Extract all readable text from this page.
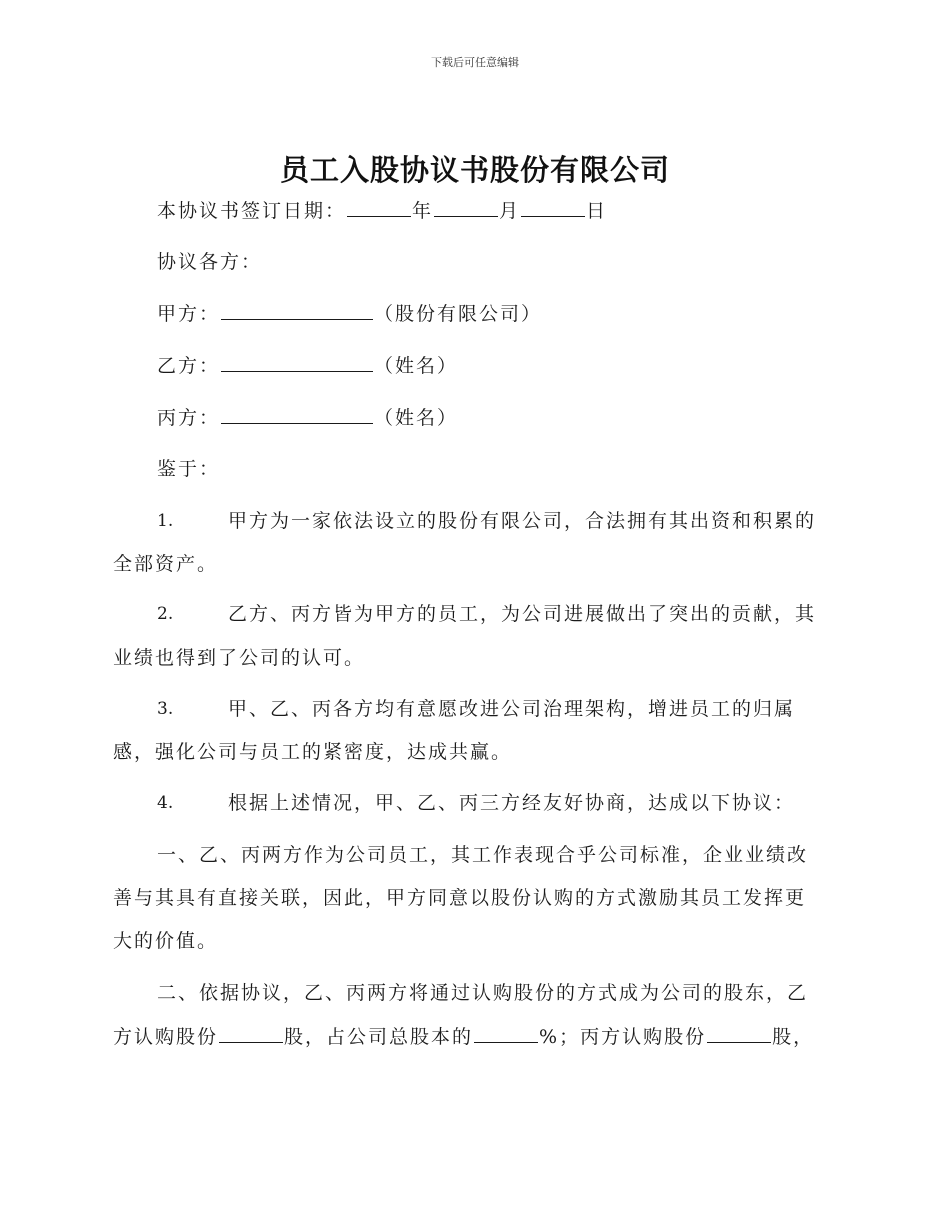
下载后可任意编辑
员工入股协议书股份有限公司
本协议书签订日期：	年	月	日
协议各方：
甲方：	（股份有限公司）
乙方：	（姓名）
丙方：	（姓名）
鉴于：
1.	甲方为一家依法设立的股份有限公司，合法拥有其出资和积累的
全部资产。
2.	乙方、丙方皆为甲方的员工，为公司进展做出了突出的贡献，其
业绩也得到了公司的认可。
3.	甲、乙、丙各方均有意愿改进公司治理架构，增进员工的归属
感，强化公司与员工的紧密度，达成共赢。
4.	根据上述情况，甲、乙、丙三方经友好协商，达成以下协议：
一、乙、丙两方作为公司员工，其工作表现合乎公司标准，企业业绩改
善与其具有直接关联，因此，甲方同意以股份认购的方式激励其员工发挥更
大的价值。
二、依据协议，乙、丙两方将通过认购股份的方式成为公司的股东，乙
方认购股份	股，占公司总股本的	%；丙方认购股份	股，
